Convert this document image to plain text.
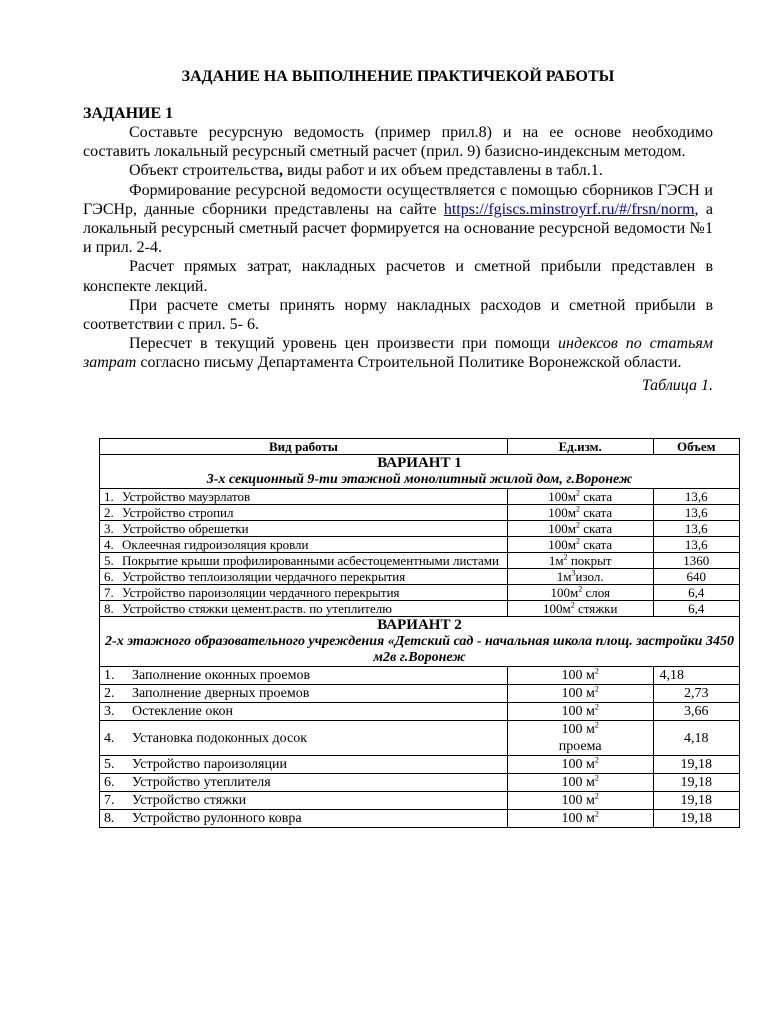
ЗАДАНИЕ НА ВЫПОЛНЕНИЕ ПРАКТИЧЕКОЙ РАБОТЫ

ЗАДАНИЕ 1

Составьте ресурсную ведомость (пример прил.8) и на ее основе необходимо составить локальный ресурсный сметный расчет (прил. 9) базисно-индексным методом.

Объект строительства, виды работ и их объем представлены в табл.1.

Формирование ресурсной ведомости осуществляется с помощью сборников ГЭСН и ГЭСНр, данные сборники представлены на сайте https://fgiscs.minstroyrf.ru/#/frsn/norm, а локальный ресурсный сметный расчет формируется на основание ресурсной ведомости №1 и прил. 2-4.

Расчет прямых затрат, накладных расчетов и сметной прибыли представлен в конспекте лекций.

При расчете сметы принять норму накладных расходов и сметной прибыли в соответствии с прил. 5- 6.

Пересчет в текущий уровень цен произвести при помощи индексов по статьям затрат согласно письму Департамента Строительной Политике Воронежской области.

Таблица 1.

Вид работы	Ед.изм.	Объем

ВАРИАНТ 1
3-х секционный 9-ти этажной монолитный жилой дом, г.Воронеж		

1. Устройство мауэрлатов	$100м^2$ ската	13,6
2. Устройство стропил	$100м^2$ ската	13,6
3. Устройство обрешетки	$100м^2$ ската	13,6
4. Оклеечная гидроизоляция кровли	$100м^2$ ската	13,6
5. Покрытие крыши профилированными асбестоцементными листами	$1м^2$ покрыт	1360
6. Устройство теплоизоляции чердачного перекрытия	$1м^3изол$.	640
7. Устройство пароизоляции чердачного перекрытия	$100м^2$ слоя	6,4
8. Устройство стяжки цемент.раств. по утеплителю	$100м^2$ стяжки	6,4

ВАРИАНТ 2
2-х этажного образовательного учреждения «Детский сад - начальная школа площ. застройки 3450 м2в г.Воронеж		

1. Заполнение оконных проемов	100 $м^2$	4,18
2. Заполнение дверных проемов	100 $м^2$	2,73
3. Остекление окон	100 $м^2$	3,66
4. Установка подоконных досок	100 $м^2$
проема	4,18
5. Устройство пароизоляции	100 $м^2$	19,18
6. Устройство утеплителя	100 $м^2$	19,18
7. Устройство стяжки	100 $м^2$	19,18
8. Устройство рулонного ковра	100 $м^2$	19,18
